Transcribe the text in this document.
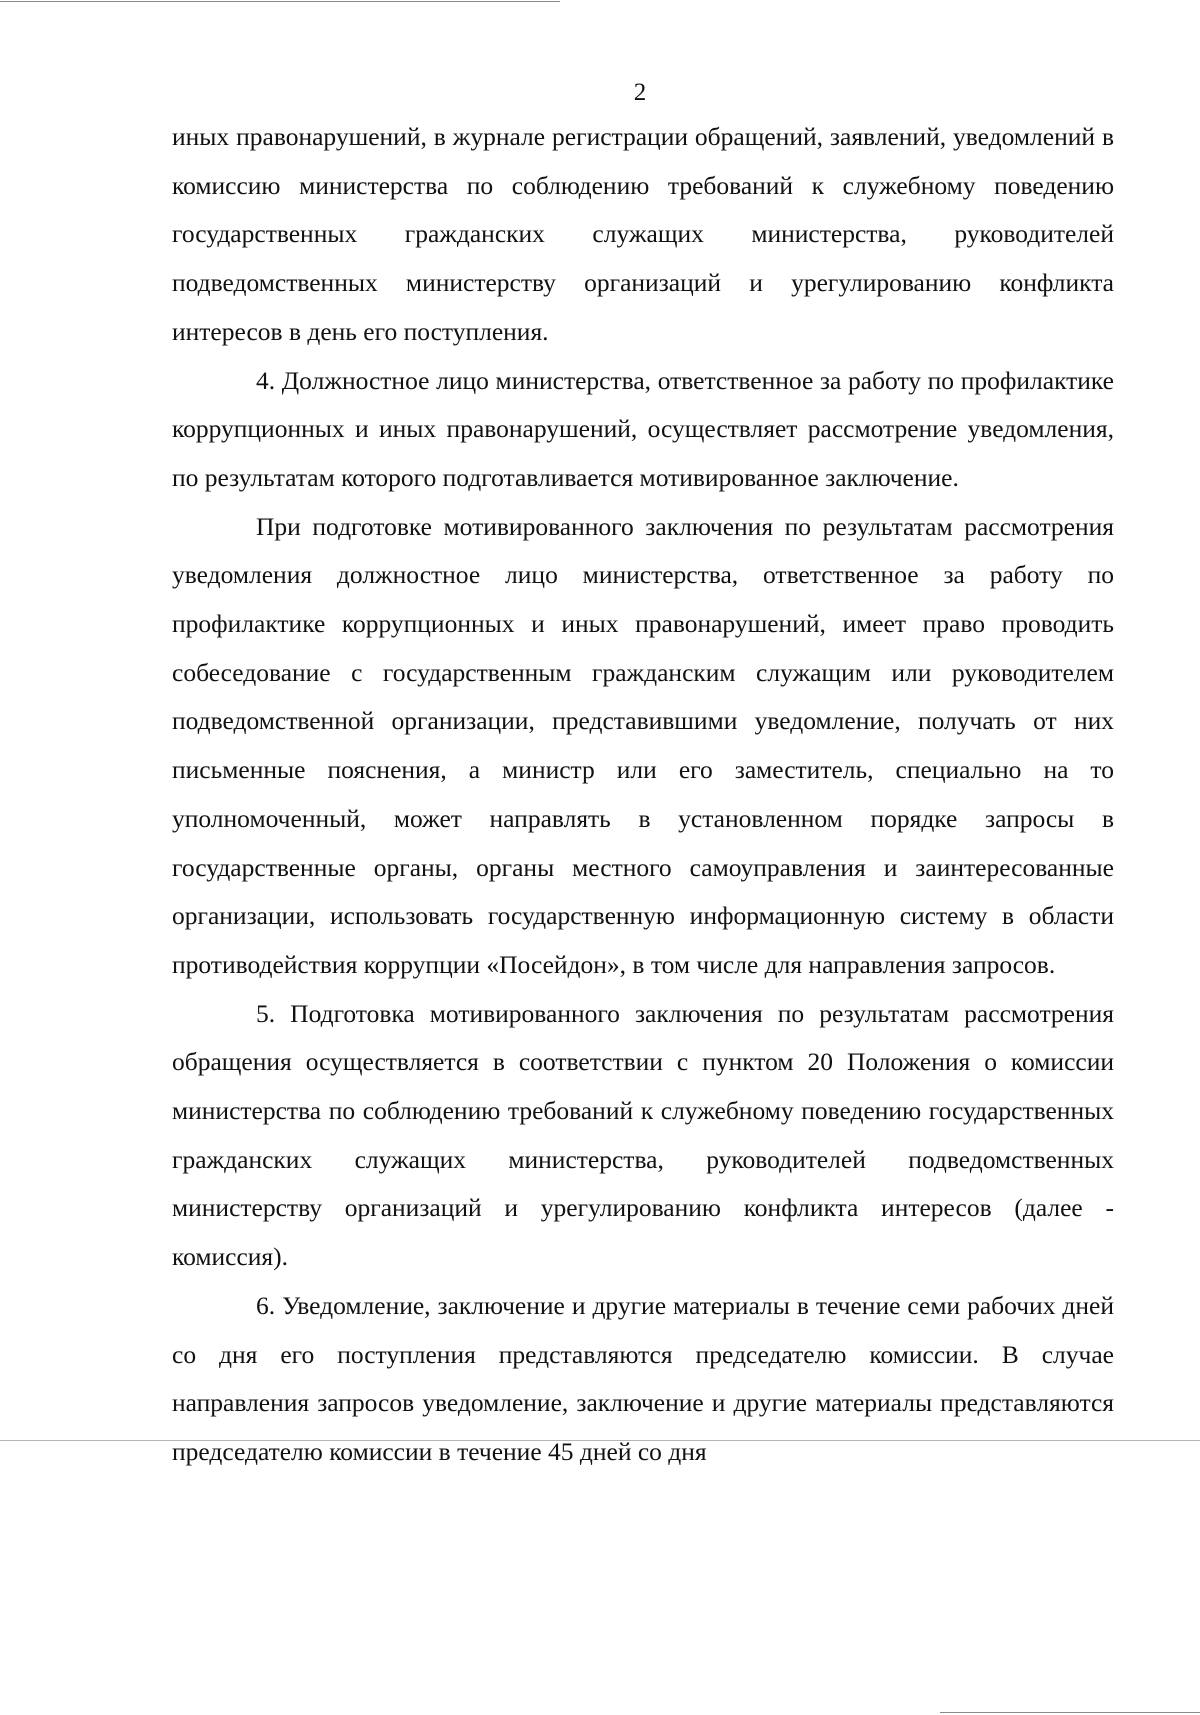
2

иных правонарушений, в журнале регистрации обращений, заявлений, уведомлений в комиссию министерства по соблюдению требований к служебному поведению государственных гражданских служащих министерства, руководителей подведомственных министерству организаций и урегулированию конфликта интересов в день его поступления.

4. Должностное лицо министерства, ответственное за работу по профилактике коррупционных и иных правонарушений, осуществляет рассмотрение уведомления, по результатам которого подготавливается мотивированное заключение.

При подготовке мотивированного заключения по результатам рассмотрения уведомления должностное лицо министерства, ответственное за работу по профилактике коррупционных и иных правонарушений, имеет право проводить собеседование с государственным гражданским служащим или руководителем подведомственной организации, представившими уведомление, получать от них письменные пояснения, а министр или его заместитель, специально на то уполномоченный, может направлять в установленном порядке запросы в государственные органы, органы местного самоуправления и заинтересованные организации, использовать государственную информационную систему в области противодействия коррупции «Посейдон», в том числе для направления запросов.

5. Подготовка мотивированного заключения по результатам рассмотрения обращения осуществляется в соответствии с пунктом 20 Положения о комиссии министерства по соблюдению требований к служебному поведению государственных гражданских служащих министерства, руководителей подведомственных министерству организаций и урегулированию конфликта интересов (далее - комиссия).

6. Уведомление, заключение и другие материалы в течение семи рабочих дней со дня его поступления представляются председателю комиссии. В случае направления запросов уведомление, заключение и другие материалы представляются председателю комиссии в течение 45 дней со дня
